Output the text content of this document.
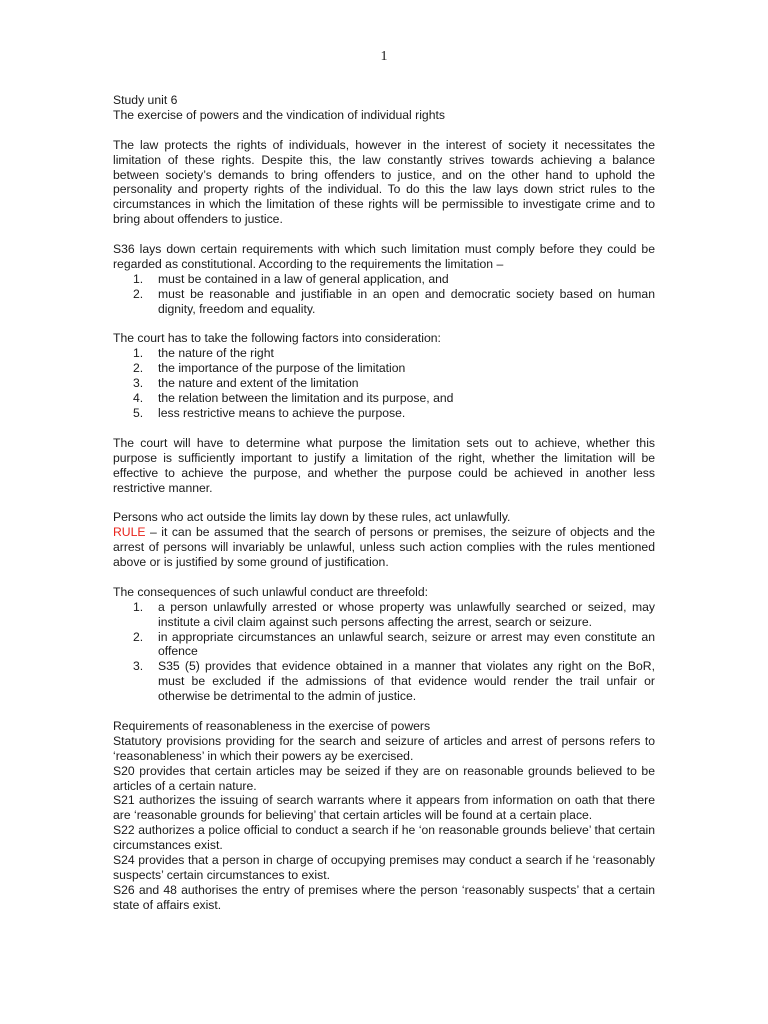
1

Study unit 6

The exercise of powers and the vindication of individual rights

The law protects the rights of individuals, however in the interest of society it necessitates the limitation of these rights. Despite this, the law constantly strives towards achieving a balance between society’s demands to bring offenders to justice, and on the other hand to uphold the personality and property rights of the individual. To do this the law lays down strict rules to the circumstances in which the limitation of these rights will be permissible to investigate crime and to bring about offenders to justice.

S36 lays down certain requirements with which such limitation must comply before they could be regarded as constitutional. According to the requirements the limitation –

1. must be contained in a law of general application, and
2. must be reasonable and justifiable in an open and democratic society based on human dignity, freedom and equality.

The court has to take the following factors into consideration:

1. the nature of the right
2. the importance of the purpose of the limitation
3. the nature and extent of the limitation
4. the relation between the limitation and its purpose, and
5. less restrictive means to achieve the purpose.

The court will have to determine what purpose the limitation sets out to achieve, whether this purpose is sufficiently important to justify a limitation of the right, whether the limitation will be effective to achieve the purpose, and whether the purpose could be achieved in another less restrictive manner.

Persons who act outside the limits lay down by these rules, act unlawfully.

RULE – it can be assumed that the search of persons or premises, the seizure of objects and the arrest of persons will invariably be unlawful, unless such action complies with the rules mentioned above or is justified by some ground of justification.

The consequences of such unlawful conduct are threefold:

1. a person unlawfully arrested or whose property was unlawfully searched or seized, may institute a civil claim against such persons affecting the arrest, search or seizure.
2. in appropriate circumstances an unlawful search, seizure or arrest may even constitute an offence
3. S35 (5) provides that evidence obtained in a manner that violates any right on the BoR, must be excluded if the admissions of that evidence would render the trail unfair or otherwise be detrimental to the admin of justice.

Requirements of reasonableness in the exercise of powers

Statutory provisions providing for the search and seizure of articles and arrest of persons refers to ‘reasonableness’ in which their powers ay be exercised.

S20 provides that certain articles may be seized if they are on reasonable grounds believed to be articles of a certain nature.

S21 authorizes the issuing of search warrants where it appears from information on oath that there are ‘reasonable grounds for believing’ that certain articles will be found at a certain place.

S22 authorizes a police official to conduct a search if he ‘on reasonable grounds believe’ that certain circumstances exist.

S24 provides that a person in charge of occupying premises may conduct a search if he ‘reasonably suspects’ certain circumstances to exist.

S26 and 48 authorises the entry of premises where the person ‘reasonably suspects’ that a certain state of affairs exist.
